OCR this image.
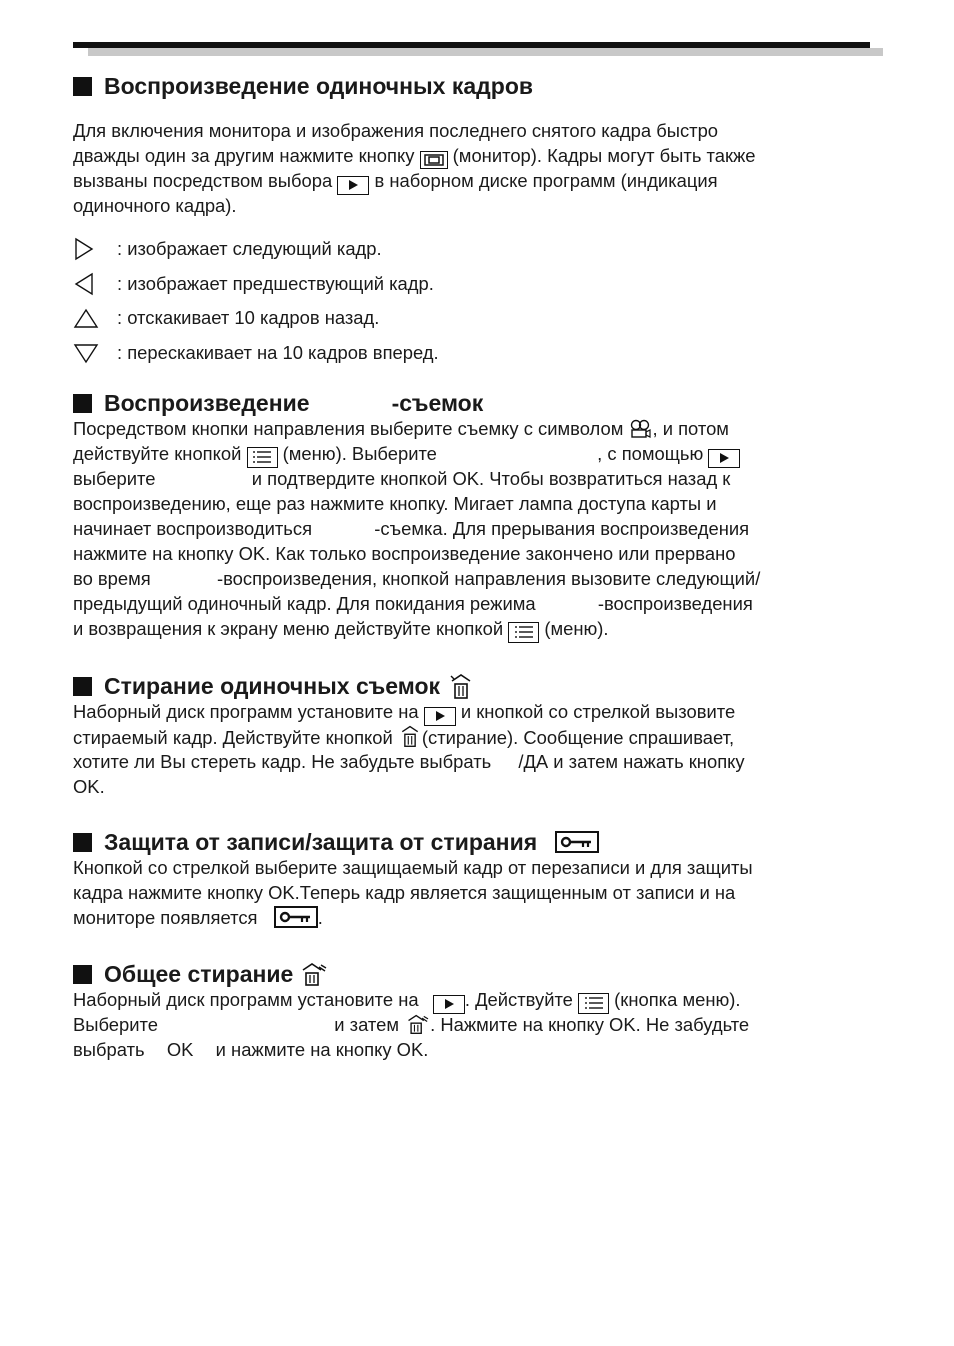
Воспроизведение одиночных кадров
Для включения монитора и изображения последнего снятого кадра быстро
дважды один за другим нажмите кнопку (монитор). Кадры могут быть также
вызваны посредством выбора в наборном диске программ (индикация
одиночного кадра).
: изображает следующий кадр.
: изображает предшествующий кадр.
: отскакивает 10 кадров назад.
: перескакивает на 10 кадров вперед.
Воспроизведение	-съемок
Посредством кнопки направления выберите съемку с символом , и потом
действуйте кнопкой (меню). Выберите	, с помощью
выберите	и подтвердите кнопкой OK. Чтобы возвратиться назад к
воспроизведению, еще раз нажмите кнопку. Мигает лампа доступа карты и
начинает воспроизводиться	-съемка. Для прерывания воспроизведения
нажмите на кнопку OK. Как только воспроизведение закончено или прервано
во время	-воспроизведения, кнопкой направления вызовите следующий/
предыдущий одиночный кадр. Для покидания режима	-воспроизведения
и возвращения к экрану меню действуйте кнопкой (меню).
Стирание одиночных съемок
Наборный диск программ установите на и кнопкой со стрелкой вызовите
стираемый кадр. Действуйте кнопкой (стирание). Сообщение спрашивает,
хотите ли Вы стереть кадр. Не забудьте выбрать /ДА и затем нажать кнопку
OK.
Защита от записи/защита от стирания
Кнопкой со стрелкой выберите защищаемый кадр от перезаписи и для защиты
кадра нажмите кнопку OK.Теперь кадр является защищенным от записи и на
мониторе появляется	.
Общее стирание
Наборный диск программ установите на	. Действуйте (кнопка меню).
Выберите	и затем . Нажмите на кнопку OK. Не забудьте
выбрать OK и нажмите на кнопку OK.
